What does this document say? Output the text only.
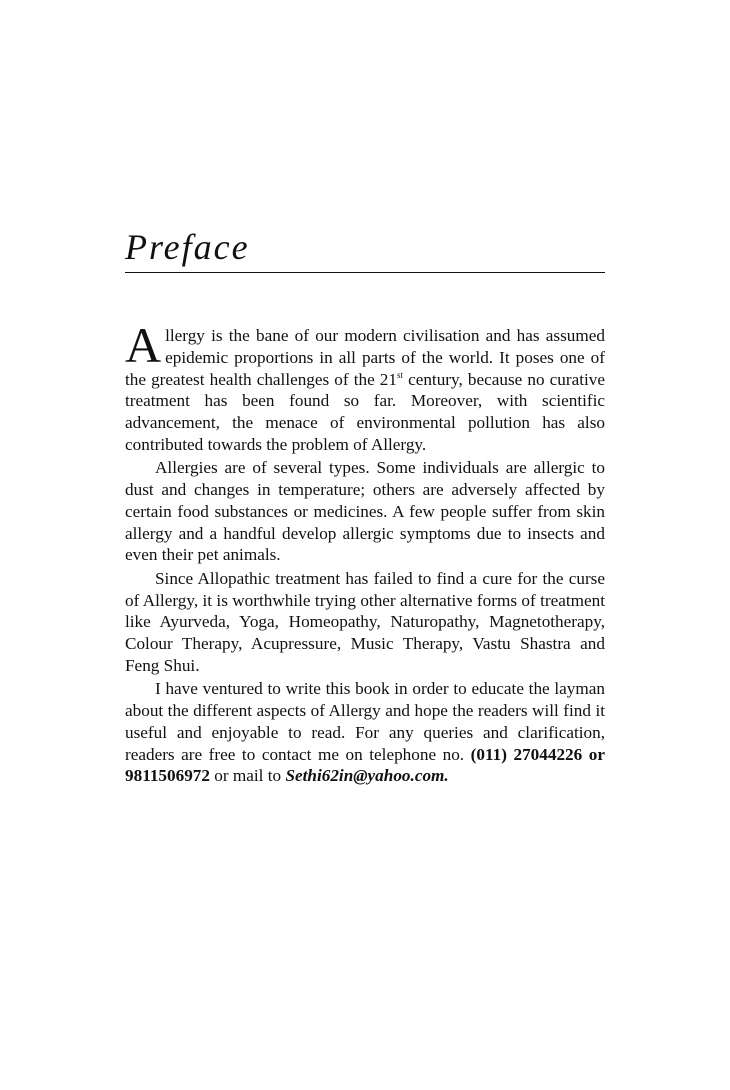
Preface

Allergy is the bane of our modern civilisation and has assumed epidemic proportions in all parts of the world. It poses one of the greatest health challenges of the 21st century, because no curative treatment has been found so far. Moreover, with scientific advancement, the menace of environmental pollution has also contributed towards the problem of Allergy.

Allergies are of several types. Some individuals are allergic to dust and changes in temperature; others are adversely affected by certain food substances or medicines. A few people suffer from skin allergy and a handful develop allergic symptoms due to insects and even their pet animals.

Since Allopathic treatment has failed to find a cure for the curse of Allergy, it is worthwhile trying other alternative forms of treatment like Ayurveda, Yoga, Homeopathy, Naturopathy, Magnetotherapy, Colour Therapy, Acupressure, Music Therapy, Vastu Shastra and Feng Shui.

I have ventured to write this book in order to educate the layman about the different aspects of Allergy and hope the readers will find it useful and enjoyable to read. For any queries and clarification, readers are free to contact me on telephone no. (011) 27044226 or 9811506972 or mail to Sethi62in@yahoo.com.
